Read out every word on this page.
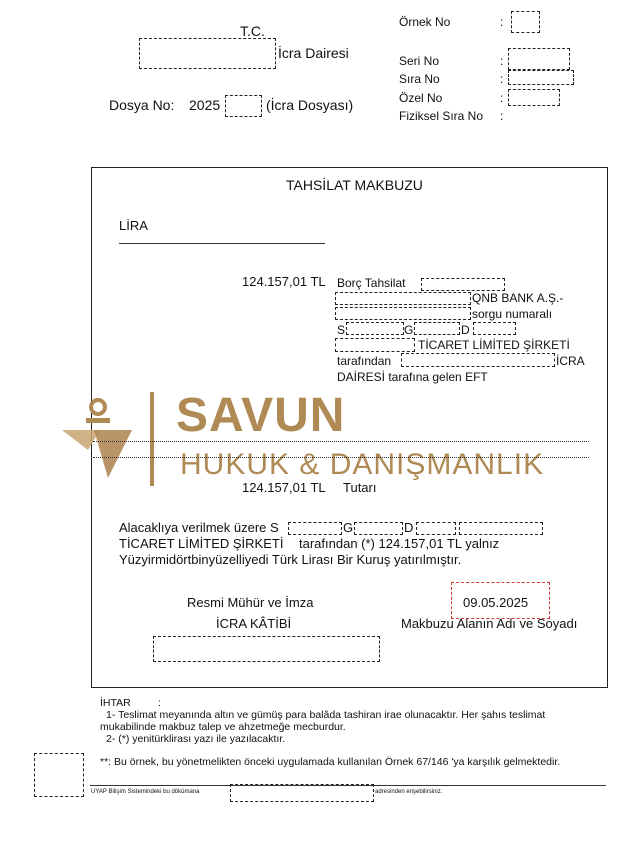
T.C.
İcra Dairesi
Dosya No: 2025	(İcra Dosyası)
Örnek No	:
Seri No	:
Sıra No	:
Özel No	:
Fiziksel Sıra No :
TAHSİLAT MAKBUZU
LİRA
124.157,01 TL Borç Tahsilat
QNB BANK A.Ş.-
sorgu numaralı
S	G	D
TİCARET LİMİTED ŞİRKETİ
tarafından	İCRA
DAİRESİ tarafına gelen EFT
SAVUN
HUKUK & DANIŞMANLIK
124.157,01 TL Tutarı
Alacaklıya verilmek üzere S	G	D
TİCARET LİMİTED ŞİRKETİ tarafından (*) 124.157,01 TL yalnız
Yüzyirmidörtbinyüzelliyedi Türk Lirası Bir Kuruş yatırılmıştır.
Resmi Mühür ve İmza	09.05.2025
İCRA KÂTİBİ	Makbuzu Alanın Adı ve Soyadı
İHTAR	:
1- Teslimat meyanında altın ve gümüş para balâda tashiran irae olunacaktır. Her şahıs teslimat
mukabilinde makbuz talep ve ahzetmeğe mecburdur.
2- (*) yenitürklirası yazı ile yazılacaktır.
**: Bu örnek, bu yönetmelikten önceki uygulamada kullanılan Örnek 67/146 'ya karşılık gelmektedir.
UYAP Bilişim Sistemindeki bu dökümana	adresinden erişebilirsiniz.
